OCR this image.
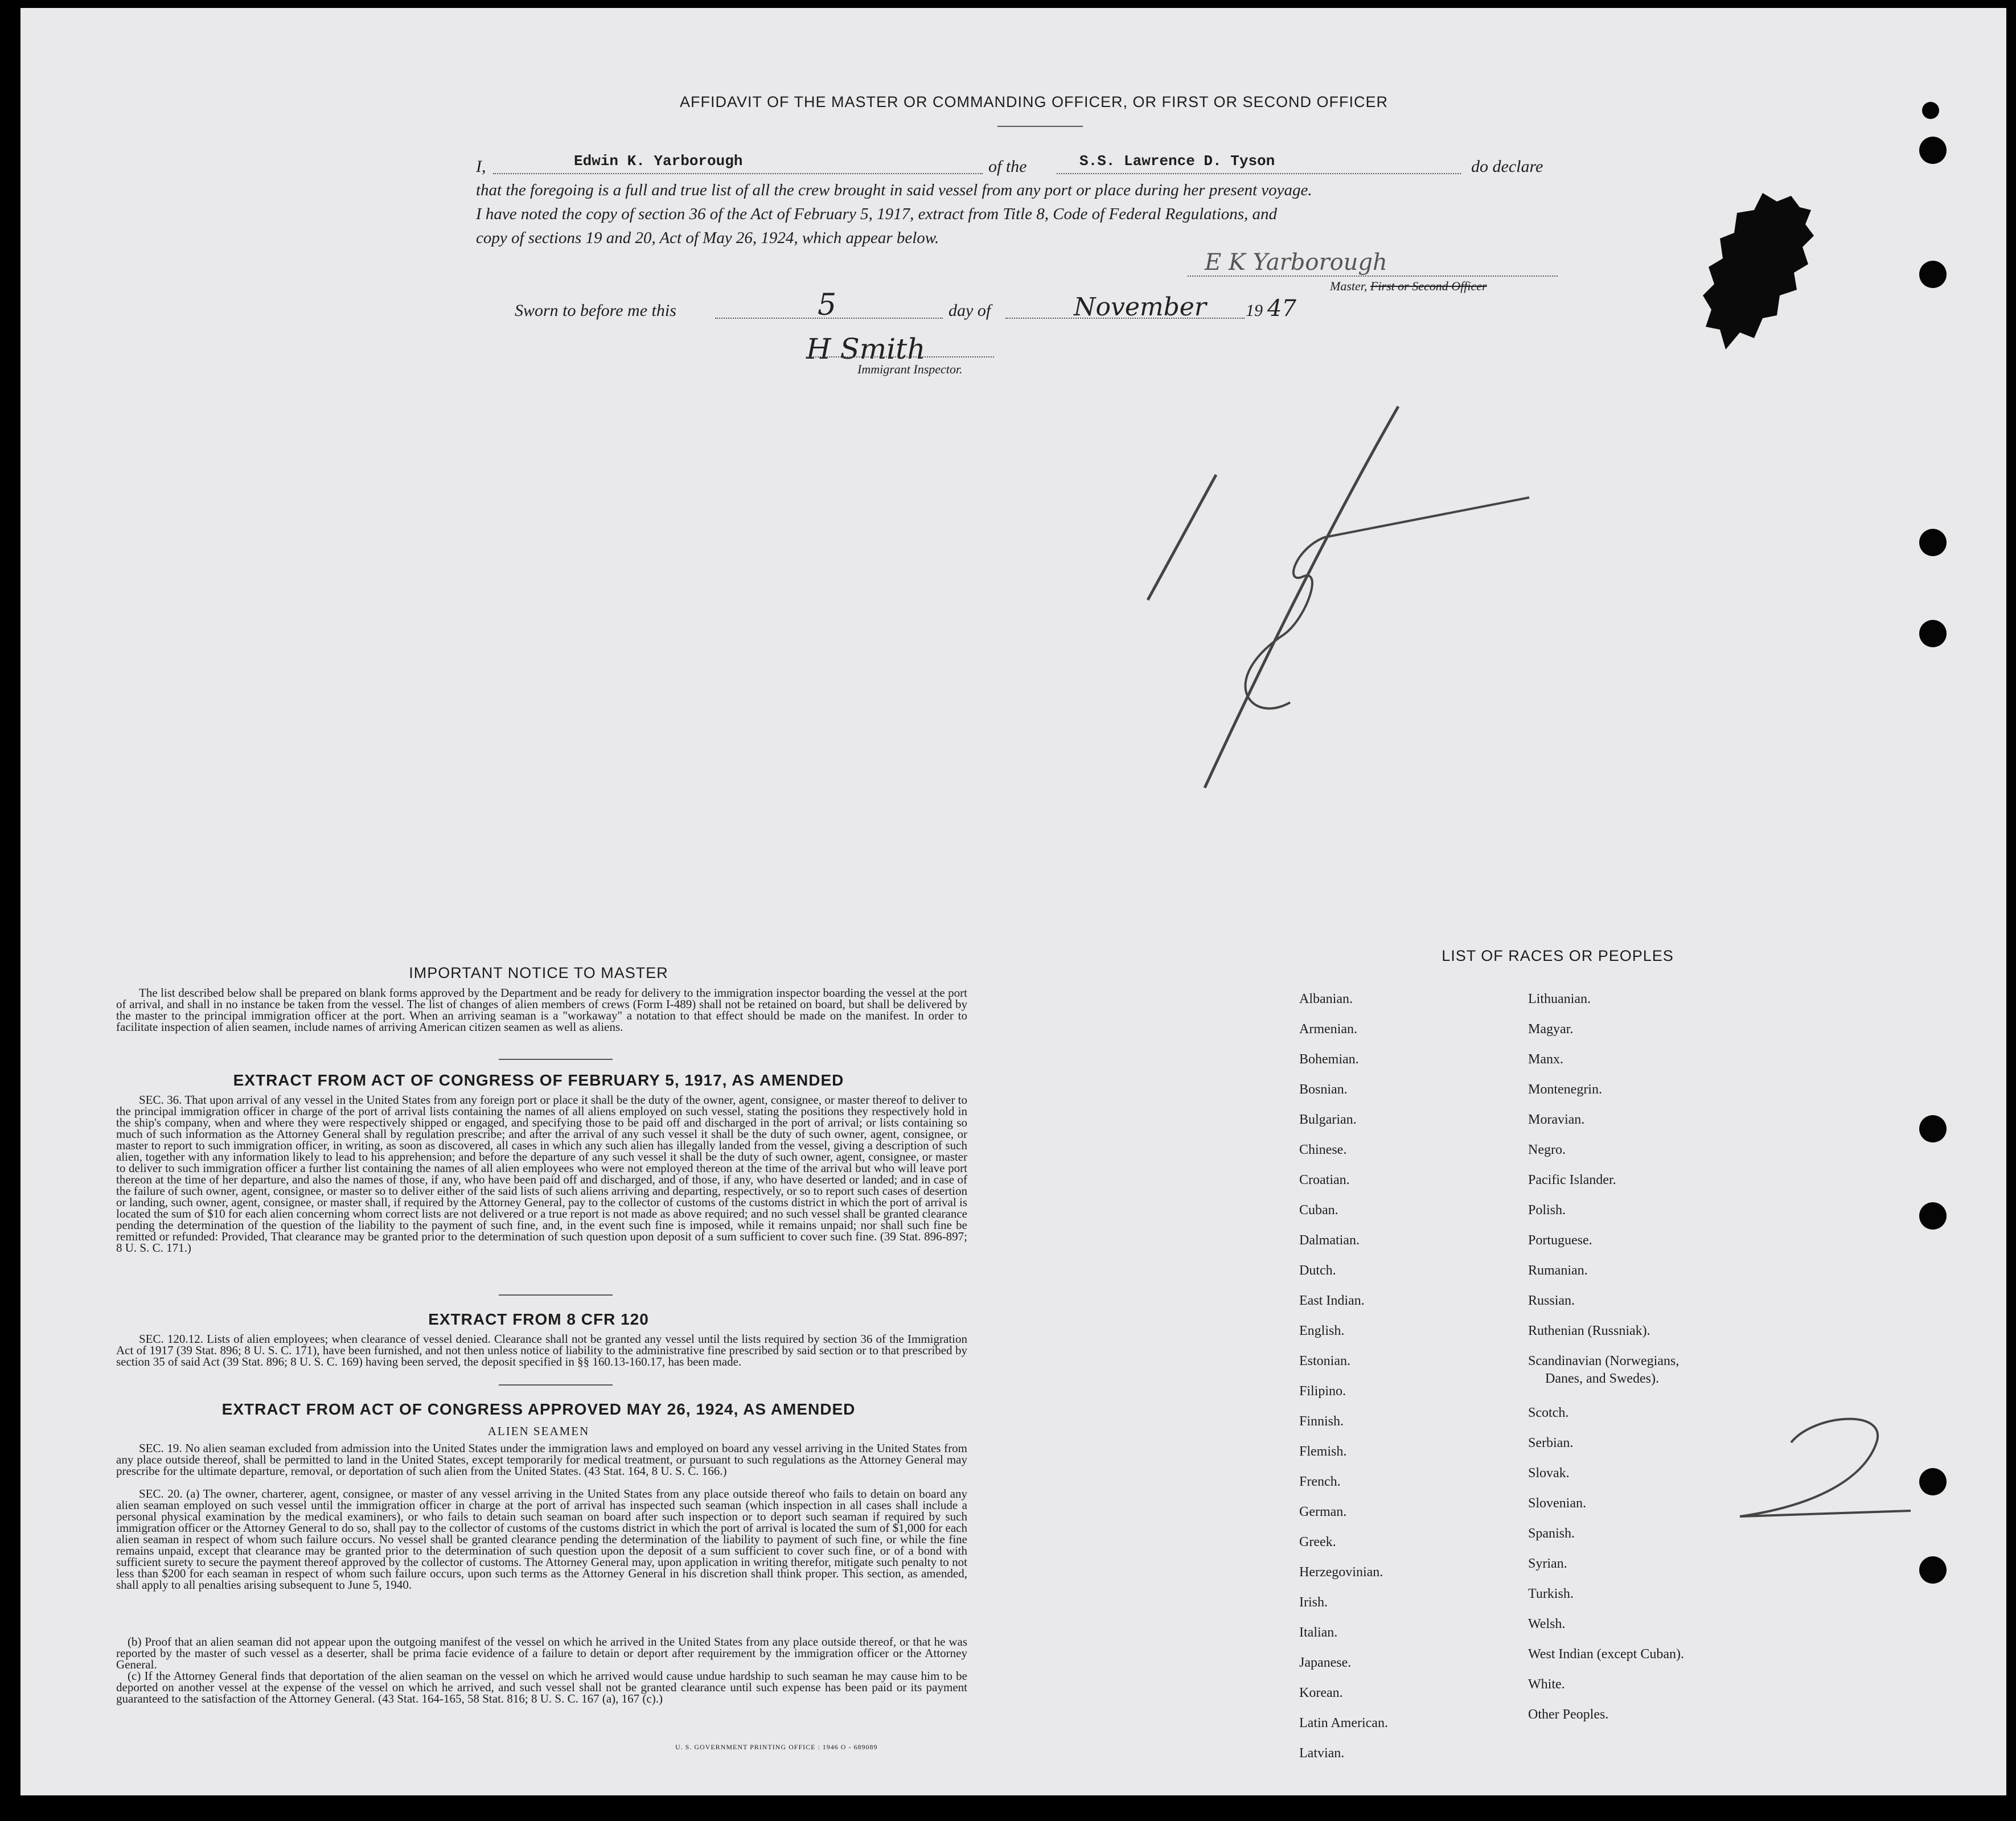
AFFIDAVIT OF THE MASTER OR COMMANDING OFFICER, OR FIRST OR SECOND OFFICER
I,	Edwin K. Yarborough	of the	S.S. Lawrence D. Tyson	do declare
that the foregoing is a full and true list of all the crew brought in said vessel from any port or place during her present voyage.
I have noted the copy of section 36 of the Act of February 5, 1917, extract from Title 8, Code of Federal Regulations, and
copy of sections 19 and 20, Act of May 26, 1924, which appear below.
E K Yarborough
Master, First or Second Officer
Sworn to before me this	5	day of	November 19 47
H Smith
Immigrant Inspector.
IMPORTANT NOTICE TO MASTER
The list described below shall be prepared on blank forms approved by the Department and be ready for delivery to the immigration inspector boarding the vessel at the port of arrival, and shall in no instance be taken from the vessel. The list of changes of alien members of crews (Form I-489) shall not be retained on board, but shall be delivered by the master to the principal immigration officer at the port. When an arriving seaman is a "workaway" a notation to that effect should be made on the manifest. In order to facilitate inspection of alien seamen, include names of arriving American citizen seamen as well as aliens.
EXTRACT FROM ACT OF CONGRESS OF FEBRUARY 5, 1917, AS AMENDED
SEC. 36. That upon arrival of any vessel in the United States from any foreign port or place it shall be the duty of the owner, agent, consignee, or master thereof to deliver to the principal immigration officer in charge of the port of arrival lists containing the names of all aliens employed on such vessel, stating the positions they respectively hold in the ship's company, when and where they were respectively shipped or engaged, and specifying those to be paid off and discharged in the port of arrival; or lists containing so much of such information as the Attorney General shall by regulation prescribe; and after the arrival of any such vessel it shall be the duty of such owner, agent, consignee, or master to report to such immigration officer, in writing, as soon as discovered, all cases in which any such alien has illegally landed from the vessel, giving a description of such alien, together with any information likely to lead to his apprehension; and before the departure of any such vessel it shall be the duty of such owner, agent, consignee, or master to deliver to such immigration officer a further list containing the names of all alien employees who were not employed thereon at the time of the arrival but who will leave port thereon at the time of her departure, and also the names of those, if any, who have been paid off and discharged, and of those, if any, who have deserted or landed; and in case of the failure of such owner, agent, consignee, or master so to deliver either of the said lists of such aliens arriving and departing, respectively, or so to report such cases of desertion or landing, such owner, agent, consignee, or master shall, if required by the Attorney General, pay to the collector of customs of the customs district in which the port of arrival is located the sum of $10 for each alien concerning whom correct lists are not delivered or a true report is not made as above required; and no such vessel shall be granted clearance pending the determination of the question of the liability to the payment of such fine, and, in the event such fine is imposed, while it remains unpaid; nor shall such fine be remitted or refunded: Provided, That clearance may be granted prior to the determination of such question upon deposit of a sum sufficient to cover such fine. (39 Stat. 896-897; 8 U. S. C. 171.)
EXTRACT FROM 8 CFR 120
SEC. 120.12. Lists of alien employees; when clearance of vessel denied. Clearance shall not be granted any vessel until the lists required by section 36 of the Immigration Act of 1917 (39 Stat. 896; 8 U. S. C. 171), have been furnished, and not then unless notice of liability to the administrative fine prescribed by said section or to that prescribed by section 35 of said Act (39 Stat. 896; 8 U. S. C. 169) having been served, the deposit specified in §§ 160.13-160.17, has been made.
EXTRACT FROM ACT OF CONGRESS APPROVED MAY 26, 1924, AS AMENDED
ALIEN SEAMEN
SEC. 19. No alien seaman excluded from admission into the United States under the immigration laws and employed on board any vessel arriving in the United States from any place outside thereof, shall be permitted to land in the United States, except temporarily for medical treatment, or pursuant to such regulations as the Attorney General may prescribe for the ultimate departure, removal, or deportation of such alien from the United States. (43 Stat. 164, 8 U. S. C. 166.)
SEC. 20. (a) The owner, charterer, agent, consignee, or master of any vessel arriving in the United States from any place outside thereof who fails to detain on board any alien seaman employed on such vessel until the immigration officer in charge at the port of arrival has inspected such seaman (which inspection in all cases shall include a personal physical examination by the medical examiners), or who fails to detain such seaman on board after such inspection or to deport such seaman if required by such immigration officer or the Attorney General to do so, shall pay to the collector of customs of the customs district in which the port of arrival is located the sum of $1,000 for each alien seaman in respect of whom such failure occurs. No vessel shall be granted clearance pending the determination of the liability to payment of such fine, or while the fine remains unpaid, except that clearance may be granted prior to the determination of such question upon the deposit of a sum sufficient to cover such fine, or of a bond with sufficient surety to secure the payment thereof approved by the collector of customs. The Attorney General may, upon application in writing therefor, mitigate such penalty to not less than $200 for each seaman in respect of whom such failure occurs, upon such terms as the Attorney General in his discretion shall think proper. This section, as amended, shall apply to all penalties arising subsequent to June 5, 1940.
(b) Proof that an alien seaman did not appear upon the outgoing manifest of the vessel on which he arrived in the United States from any place outside thereof, or that he was reported by the master of such vessel as a deserter, shall be prima facie evidence of a failure to detain or deport after requirement by the immigration officer or the Attorney General.
(c) If the Attorney General finds that deportation of the alien seaman on the vessel on which he arrived would cause undue hardship to such seaman he may cause him to be deported on another vessel at the expense of the vessel on which he arrived, and such vessel shall not be granted clearance until such expense has been paid or its payment guaranteed to the satisfaction of the Attorney General. (43 Stat. 164-165, 58 Stat. 816; 8 U. S. C. 167 (a), 167 (c).)
U. S. GOVERNMENT PRINTING OFFICE : 1946 O - 689089
LIST OF RACES OR PEOPLES
Albanian.
Armenian.
Bohemian.
Bosnian.
Bulgarian.
Chinese.
Croatian.
Cuban.
Dalmatian.
Dutch.
East Indian.
English.
Estonian.
Filipino.
Finnish.
Flemish.
French.
German.
Greek.
Herzegovinian.
Irish.
Italian.
Japanese.
Korean.
Latin American.
Latvian.
Lithuanian.
Magyar.
Manx.
Montenegrin.
Moravian.
Negro.
Pacific Islander.
Polish.
Portuguese.
Rumanian.
Russian.
Ruthenian (Russniak).
Scandinavian (Norwegians,
Danes, and Swedes).
Scotch.
Serbian.
Slovak.
Slovenian.
Spanish.
Syrian.
Turkish.
Welsh.
West Indian (except Cuban).
White.
Other Peoples.
